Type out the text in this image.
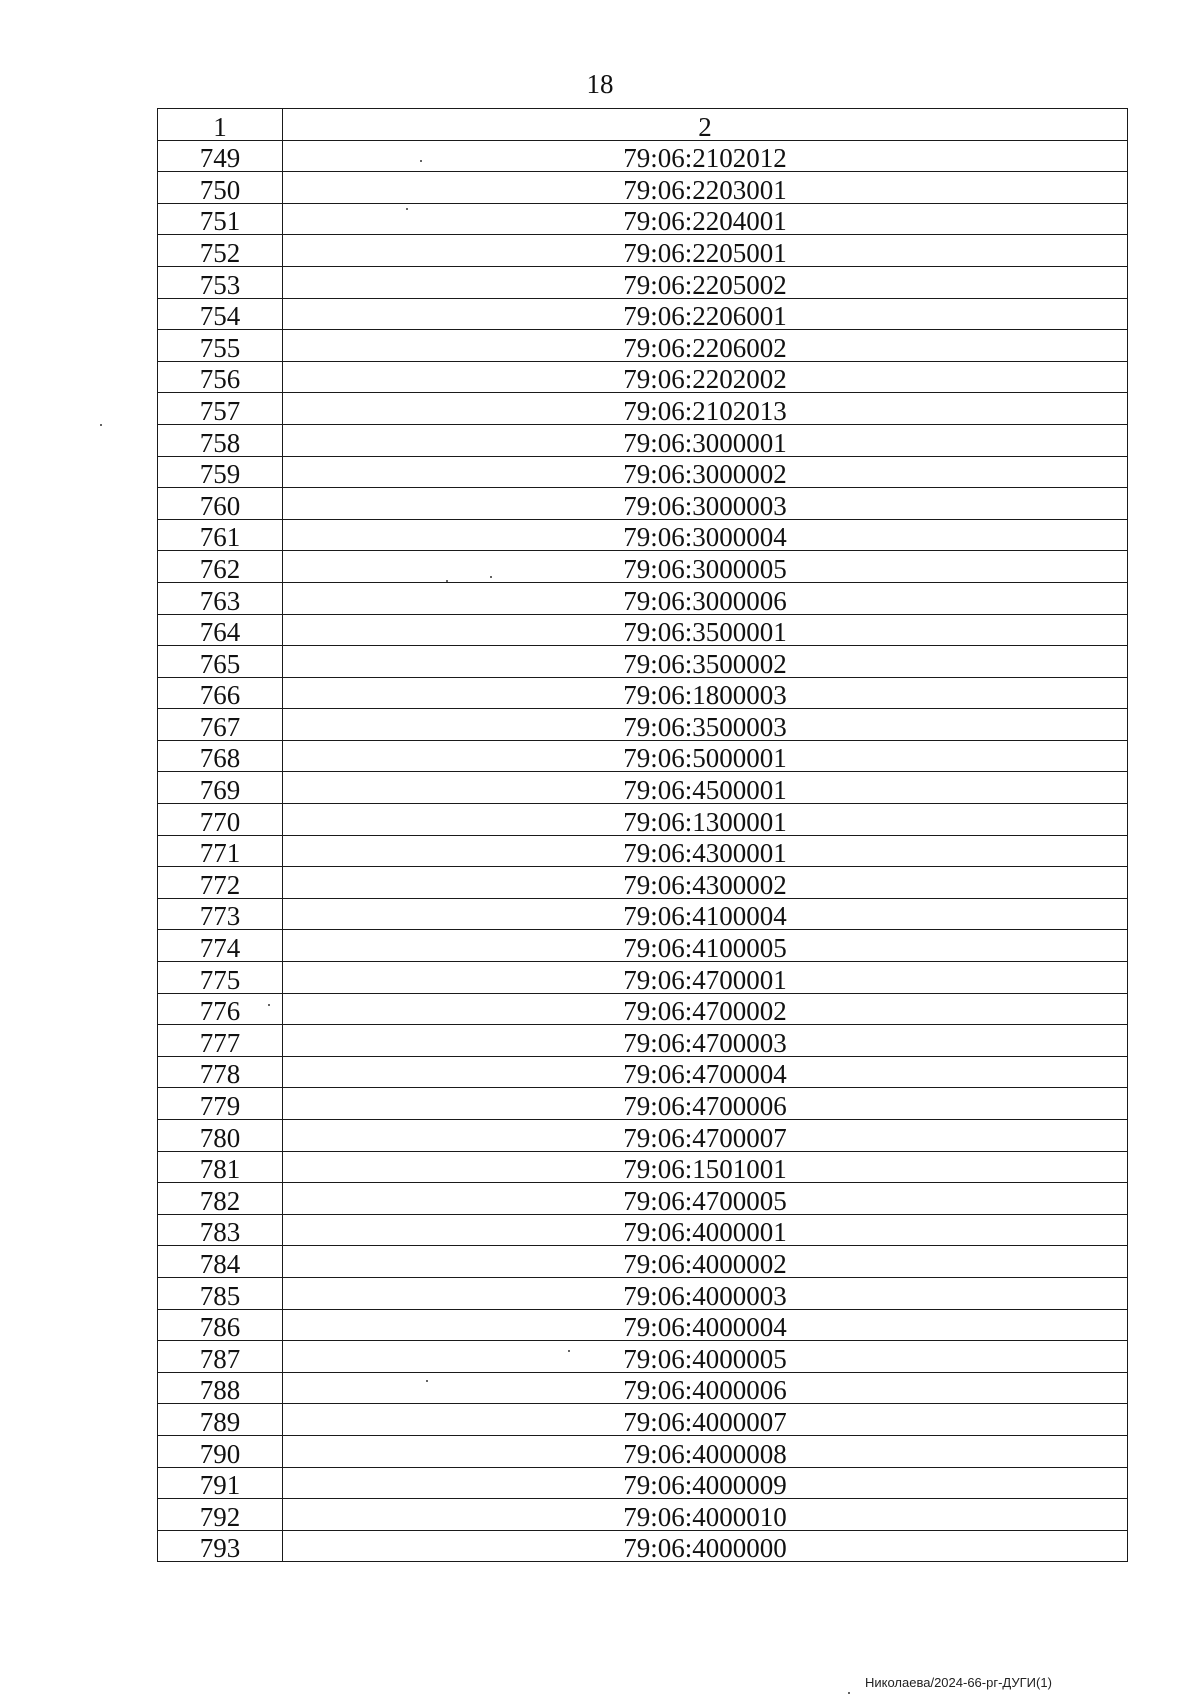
18
1	2
749	79:06:2102012
750	79:06:2203001
751	79:06:2204001
752	79:06:2205001
753	79:06:2205002
754	79:06:2206001
755	79:06:2206002
756	79:06:2202002
757	79:06:2102013
758	79:06:3000001
759	79:06:3000002
760	79:06:3000003
761	79:06:3000004
762	79:06:3000005
763	79:06:3000006
764	79:06:3500001
765	79:06:3500002
766	79:06:1800003
767	79:06:3500003
768	79:06:5000001
769	79:06:4500001
770	79:06:1300001
771	79:06:4300001
772	79:06:4300002
773	79:06:4100004
774	79:06:4100005
775	79:06:4700001
776	79:06:4700002
777	79:06:4700003
778	79:06:4700004
779	79:06:4700006
780	79:06:4700007
781	79:06:1501001
782	79:06:4700005
783	79:06:4000001
784	79:06:4000002
785	79:06:4000003
786	79:06:4000004
787	79:06:4000005
788	79:06:4000006
789	79:06:4000007
790	79:06:4000008
791	79:06:4000009
792	79:06:4000010
793	79:06:4000000
Николаева/2024-66-рг-ДУГИ(1)
